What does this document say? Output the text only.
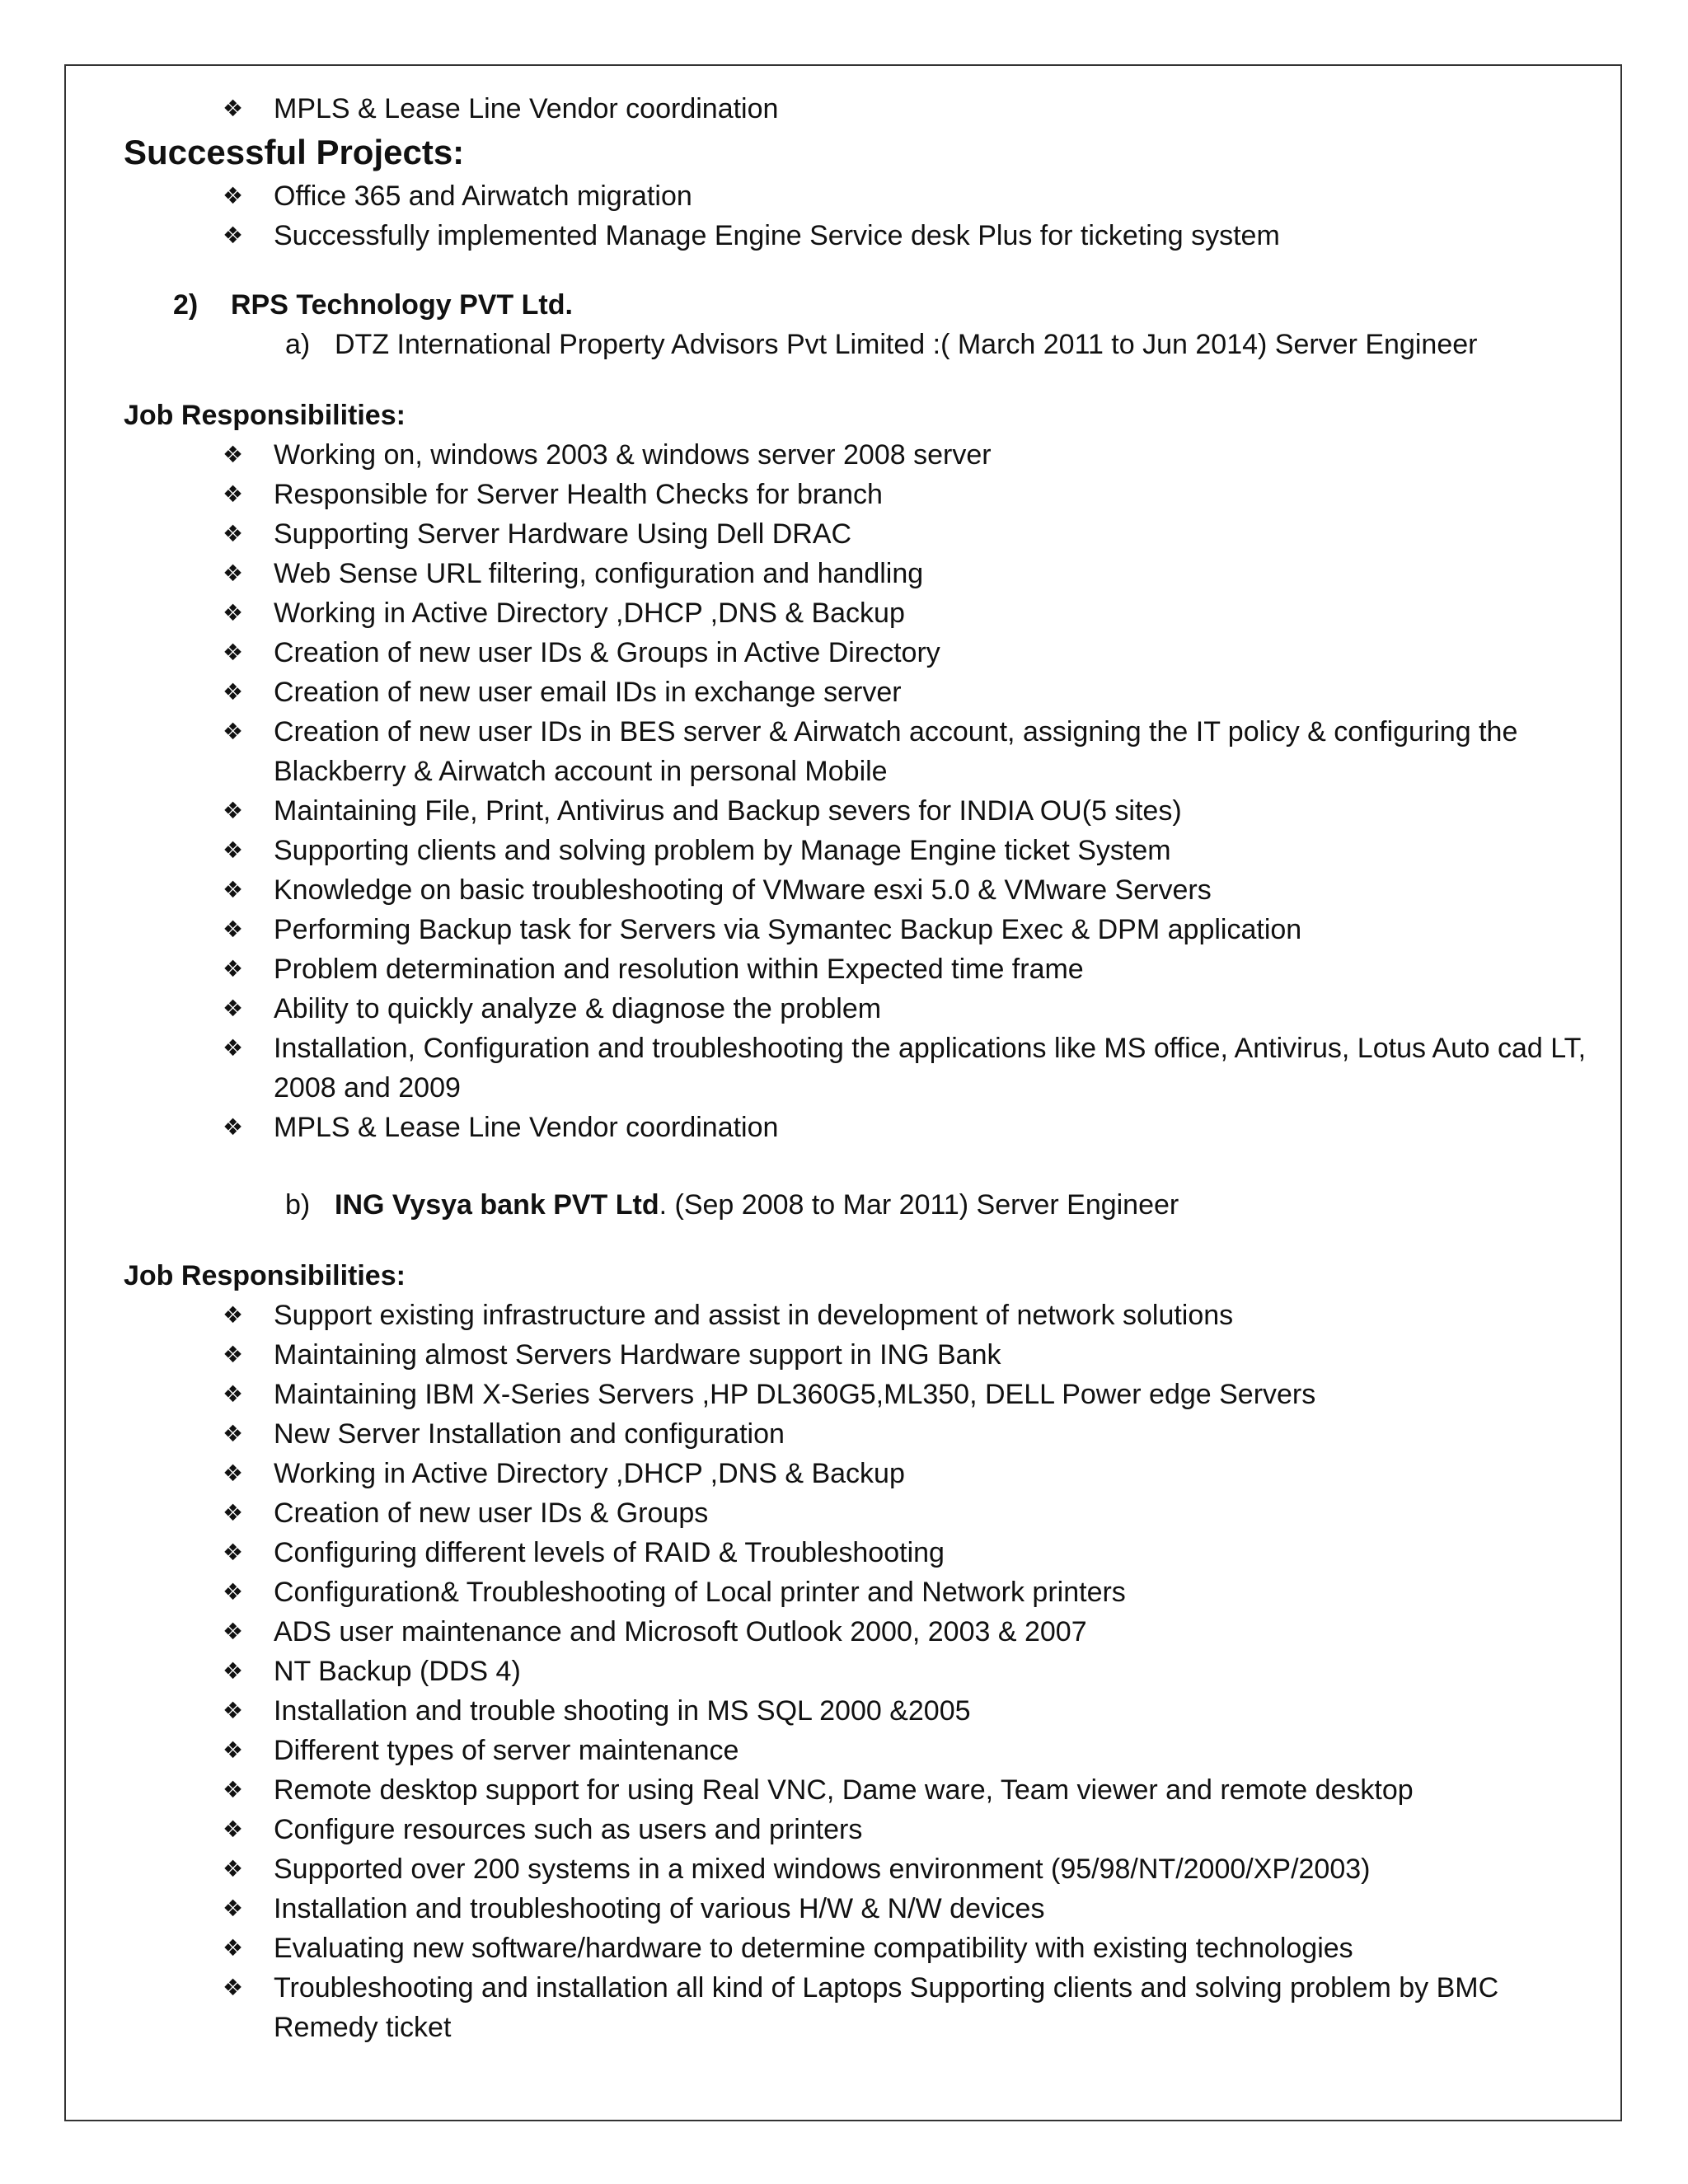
❖ MPLS & Lease Line Vendor coordination
Successful Projects:
❖ Office 365 and Airwatch migration
❖ Successfully implemented Manage Engine Service desk Plus for ticketing system
2) RPS Technology PVT Ltd.
a) DTZ International Property Advisors Pvt Limited :( March 2011 to Jun 2014) Server Engineer
Job Responsibilities:
❖ Working on, windows 2003 & windows server 2008 server
❖ Responsible for Server Health Checks for branch
❖ Supporting Server Hardware Using Dell DRAC
❖ Web Sense URL filtering, configuration and handling
❖ Working in Active Directory ,DHCP ,DNS & Backup
❖ Creation of new user IDs & Groups in Active Directory
❖ Creation of new user email IDs in exchange server
❖ Creation of new user IDs in BES server & Airwatch account, assigning the IT policy & configuring the Blackberry & Airwatch account in personal Mobile
❖ Maintaining File, Print, Antivirus and Backup severs for INDIA OU(5 sites)
❖ Supporting clients and solving problem by Manage Engine ticket System
❖ Knowledge on basic troubleshooting of VMware esxi 5.0 & VMware Servers
❖ Performing Backup task for Servers via Symantec Backup Exec & DPM application
❖ Problem determination and resolution within Expected time frame
❖ Ability to quickly analyze & diagnose the problem
❖ Installation, Configuration and troubleshooting the applications like MS office, Antivirus, Lotus Auto cad LT, 2008 and 2009
❖ MPLS & Lease Line Vendor coordination
b) ING Vysya bank PVT Ltd. (Sep 2008 to Mar 2011) Server Engineer
Job Responsibilities:
❖ Support existing infrastructure and assist in development of network solutions
❖ Maintaining almost Servers Hardware support in ING Bank
❖ Maintaining IBM X-Series Servers ,HP DL360G5,ML350, DELL Power edge Servers
❖ New Server Installation and configuration
❖ Working in Active Directory ,DHCP ,DNS & Backup
❖ Creation of new user IDs & Groups
❖ Configuring different levels of RAID & Troubleshooting
❖ Configuration& Troubleshooting of Local printer and Network printers
❖ ADS user maintenance and Microsoft Outlook 2000, 2003 & 2007
❖ NT Backup (DDS 4)
❖ Installation and trouble shooting in MS SQL 2000 &2005
❖ Different types of server maintenance
❖ Remote desktop support for using Real VNC, Dame ware, Team viewer and remote desktop
❖ Configure resources such as users and printers
❖ Supported over 200 systems in a mixed windows environment (95/98/NT/2000/XP/2003)
❖ Installation and troubleshooting of various H/W & N/W devices
❖ Evaluating new software/hardware to determine compatibility with existing technologies
❖ Troubleshooting and installation all kind of Laptops Supporting clients and solving problem by BMC Remedy ticket
